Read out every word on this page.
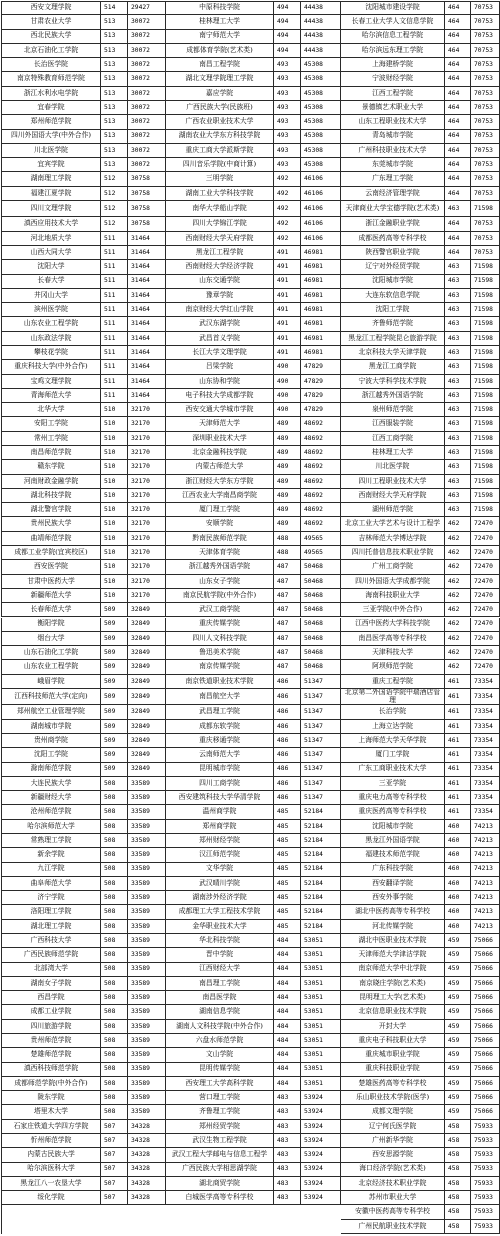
西安文理学院	514 29427	中原科技学院	494 44438	沈阳城市建设学院	464 70753
甘肃农业大学	513 30072	桂林理工大学	494 44438	长春工业大学人文信息学院 464 70753
西北民族大学	513 30072	南宁师范大学	494 44438	哈尔滨信息工程学院	464 70753
北京石油化工学院	513 30072	成都体育学院(艺术类)	494 44438	哈尔滨远东理工学院	464 70753
长治医学院	513 30072	南昌工程学院	493 45308	上海建桥学院	464 70753
南京特殊教育师范学院	513 30072	湖北文理学院理工学院	493 45308	宁波财经学院	464 70753
浙江水利水电学院	513 30072	嘉应学院	493 45308	江西工程学院	464 70753
宜春学院	513 30072	广西民族大学(民族班)	493 45308	景德镇艺术职业大学	464 70753
郑州师范学院	513 30072	广西农业职业技术大学	493 45308	山东工程职业技术大学	464 70753
四川外国语大学(中外合作) 513 30072	湖南农业大学东方科技学院	493 45308	青岛城市学院	464 70753
川北医学院	513 30072	重庆工商大学派斯学院	493 45308	广州科技职业技术大学	464 70753
宜宾学院	513 30072	四川音乐学院(中商计算)	493 45308	东莞城市学院	464 70753
湖南理工学院	512 30758	三明学院	492 46106	广东理工学院	464 70753
福建江夏学院	512 30758	湖南工业大学科技学院	492 46106	云南经济管理学院	464 70753
四川文理学院	512 30758	南华大学船山学院	492 46106	天津商业大学宝德学院(艺术类) 463 71598
滇西应用技术大学	512 30758	四川大学锦江学院	492 46106	浙江金融职业学院	464 70753
河北地质大学	511 31464	西南财经大学天府学院	492 46106	成都医药高等专科学校	464 70753
山西大同大学	511 31464	黑龙江工程学院	491 46981	陕西警官职业学院	464 70753
沈阳大学	511 31464	西南财经大学经济学院	491 46981	辽宁对外经贸学院	463 71598
长春大学	511 31464	山东交通学院	491 46981	沈阳城市学院	463 71598
井冈山大学	511 31464	豫章学院	491 46981	大连东软信息学院	463 71598
滨州医学院	511 31464	南京财经大学红山学院	491 46981	沈阳工学院	463 71598
山东农业工程学院	511 31464	武汉东湖学院	491 46981	齐鲁师范学院	463 71598
山东政法学院	511 31464	武昌首义学院	491 46981	黑龙江工程学院昆仑旅游学院 463 71598
攀枝花学院	511 31464	长江大学文理学院	491 46981	北京科技大学天津学院	463 71598
重庆科技大学(中外合作)	511 31464	吕梁学院	490 47829	黑龙江工商学院	463 71598
宝鸡文理学院	511 31464	山东协和学院	490 47829	宁波大学科学技术学院	463 71598
青海师范大学	511 31464	电子科技大学成都学院	490 47829	浙江越秀外国语学院	463 71598
北华大学	510 32170	西安交通大学城市学院	490 47829	泉州师范学院	463 71598
安阳工学院	510 32170	天津师范大学	489 48692	江西服装学院	463 71598
常州工学院	510 32170	深圳职业技术大学	489 48692	江西工商学院	463 71598
南昌师范学院	510 32170	北京金融科技学院	489 48692	桂林理工大学	463 71598
赣东学院	510 32170	内蒙古师范大学	489 48692	川北医学院	463 71598
河南财政金融学院	510 32170	浙江财经大学东方学院	489 48692	四川工程职业技术大学	463 71598
湖北科技学院	510 32170	江西农业大学南昌商学院	489 48692	西南财经大学天府学院	463 71598
湖北警官学院	510 32170	厦门理工学院	489 48692	湖州师范学院	463 71598
贵州民族大学	510 32170	安顺学院	489 48692	北京工业大学艺术与设计工程学 462 72470
曲靖师范学院	510 32170	黔南民族师范学院	488 49565	吉林师范大学博达学院	462 72470
成都工业学院(宜宾校区)	510 32170	天津体育学院	488 49565	四川托普信息技术职业学院 462 72470
西安医学院	510 32170	浙江越秀外国语学院	487 50468	广州工商学院	462 72470
甘肃中医药大学	510 32170	山东女子学院	487 50468	四川外国语大学成都学院	462 72470
新疆师范大学	510 32170	南京民航学院(中外合作)	487 50468	海南科技职业大学	462 72470
长春师范大学	509 32849	武汉工商学院	487 50468	三亚学院(中外合作)	462 72470
衡阳学院	509 32849	重庆传媒学院	487 50468	江西中医药大学科技学院	462 72470
烟台大学	509 32849	四川人文科技学院	487 50468	南昌医学高等专科学校	462 72470
山东石油化工学院	509 32849	鲁迅美术学院	487 50468	天津科技大学	462 72470
山东农业工程学院	509 32849	南京传媒学院	487 50468	阿坝师范学院	462 72470
峨眉学院	509 32849	南京铁道职业技术学院	486 51347	重庆工程学院	461 73354
江西科技师范大学(定向)	509 32849	南昌航空大学	486 51347
北京第二外国语学院中瑞酒店管理	461 73354
郑州航空工业管理学院	509 32849	武昌理工学院	486 51347	长治学院	461 73354
湖南城市学院	509 32849	成都东软学院	486 51347	上海立达学院	461 73354
贵州商学院	509 32849	重庆移通学院	486 51347	上海师范大学天华学院	461 73354
沈阳工学院	509 32849	云南师范大学	486 51347	厦门工学院	461 73354
滁南师范学院	509 32849	昆明城市学院	486 51347	广东工商职业技术大学	461 73354
大连民族大学	508 33589	四川工商学院	486 51347	三亚学院	461 73354
新疆财经大学	508 33589	西安建筑科技大学华清学院	486 51347	重庆电力高等专科学校	461 73354
沧州师范学院	508 33589	温州商学院	485 52184	重庆医药高等专科学校	461 73354
哈尔滨师范大学	508 33589	郑州商学院	485 52184	沈阳城市学院	460 74213
常熟理工学院	508 33589	郑州财经学院	485 52184	黑龙江外国语学院	460 74213
新余学院	508 33589	汉江师范学院	485 52184	福建技术师范学院	460 74213
九江学院	508 33589	文华学院	485 52184	广东科技学院	460 74213
曲阜师范大学	508 33589	武汉晴川学院	485 52184	西安翻译学院	460 74213
济宁学院	508 33589	湖南涉外经济学院	485 52184	西安外事学院	460 74213
洛阳理工学院	508 33589	成都理工大学工程技术学院	485 52184	湖北中医药高等专科学校	460 74213
湖北理工学院	508 33589	金华职业技术大学	485 52184	河北传媒学院	460 74213
广西科技大学	508 33589	华北科技学院	484 53051	湖北中医职业技术学院	459 75066
广西民族师范学院	508 33589	晋中学院	484 53051	天津师范大学津沽学院	459 75066
北部湾大学	508 33589	江西财经大学	484 53051	南京师范大学中北学院	459 75066
湖南女子学院	508 33589	南昌理工学院	484 53051	南京晓庄学院(艺术类)	459 75066
西昌学院	508 33589	南昌医学院	484 53051	昆明理工大学(艺术类)	459 75066
成都工业学院	508 33589	湖南信息学院	484 53051	北京信息职业技术学院	459 75066
四川旅游学院	508 33589	湖南人文科技学院(中外合作) 484 53051	开封大学	459 75066
贵州师范学院	508 33589	六盘水师范学院	484 53051	重庆电子科技职业大学	459 75066
楚雄师范学院	508 33589	文山学院	484 53051	重庆城市职业学院	459 75066
滇西科技师范学院	508 33589	昆明传媒学院	484 53051	重庆科技职业学院	459 75066
成都师范学院(中外合作)	508 33589	西安理工大学高科学院	484 53051	楚雄医药高等专科学校	459 75066
陇东学院	508 33589	营口理工学院	483 53924	乐山职业技术学院(医学)	459 75066
塔里木大学	508 33589	齐鲁理工学院	483 53924	成都文理学院	459 75066
石家庄铁道大学四方学院 507 34328	郑州经贸学院	483 53924	辽宁何氏医学院	458 75933
忻州师范学院	507 34328	武汉生物工程学院	483 53924	广州新华学院	458 75933
内蒙古民族大学	507 34328	武汉工程大学邮电与信息工程学 483 53924	西安思源学院	458 75933
哈尔滨医科大学	507 34328	广西民族大学相思湖学院	483 53924	海口经济学院(艺术类)	458 75933
黑龙江八一农垦大学	507 34328	湖北商贸学院	483 53924	北京经济技术职业学院	458 75933
绥化学院	507 34328	白城医学高等专科学校	483 53924	苏州市职业大学	458 75933
安徽中医药高等专科学校	458 75933
广州民航职业技术学院	458 75933
